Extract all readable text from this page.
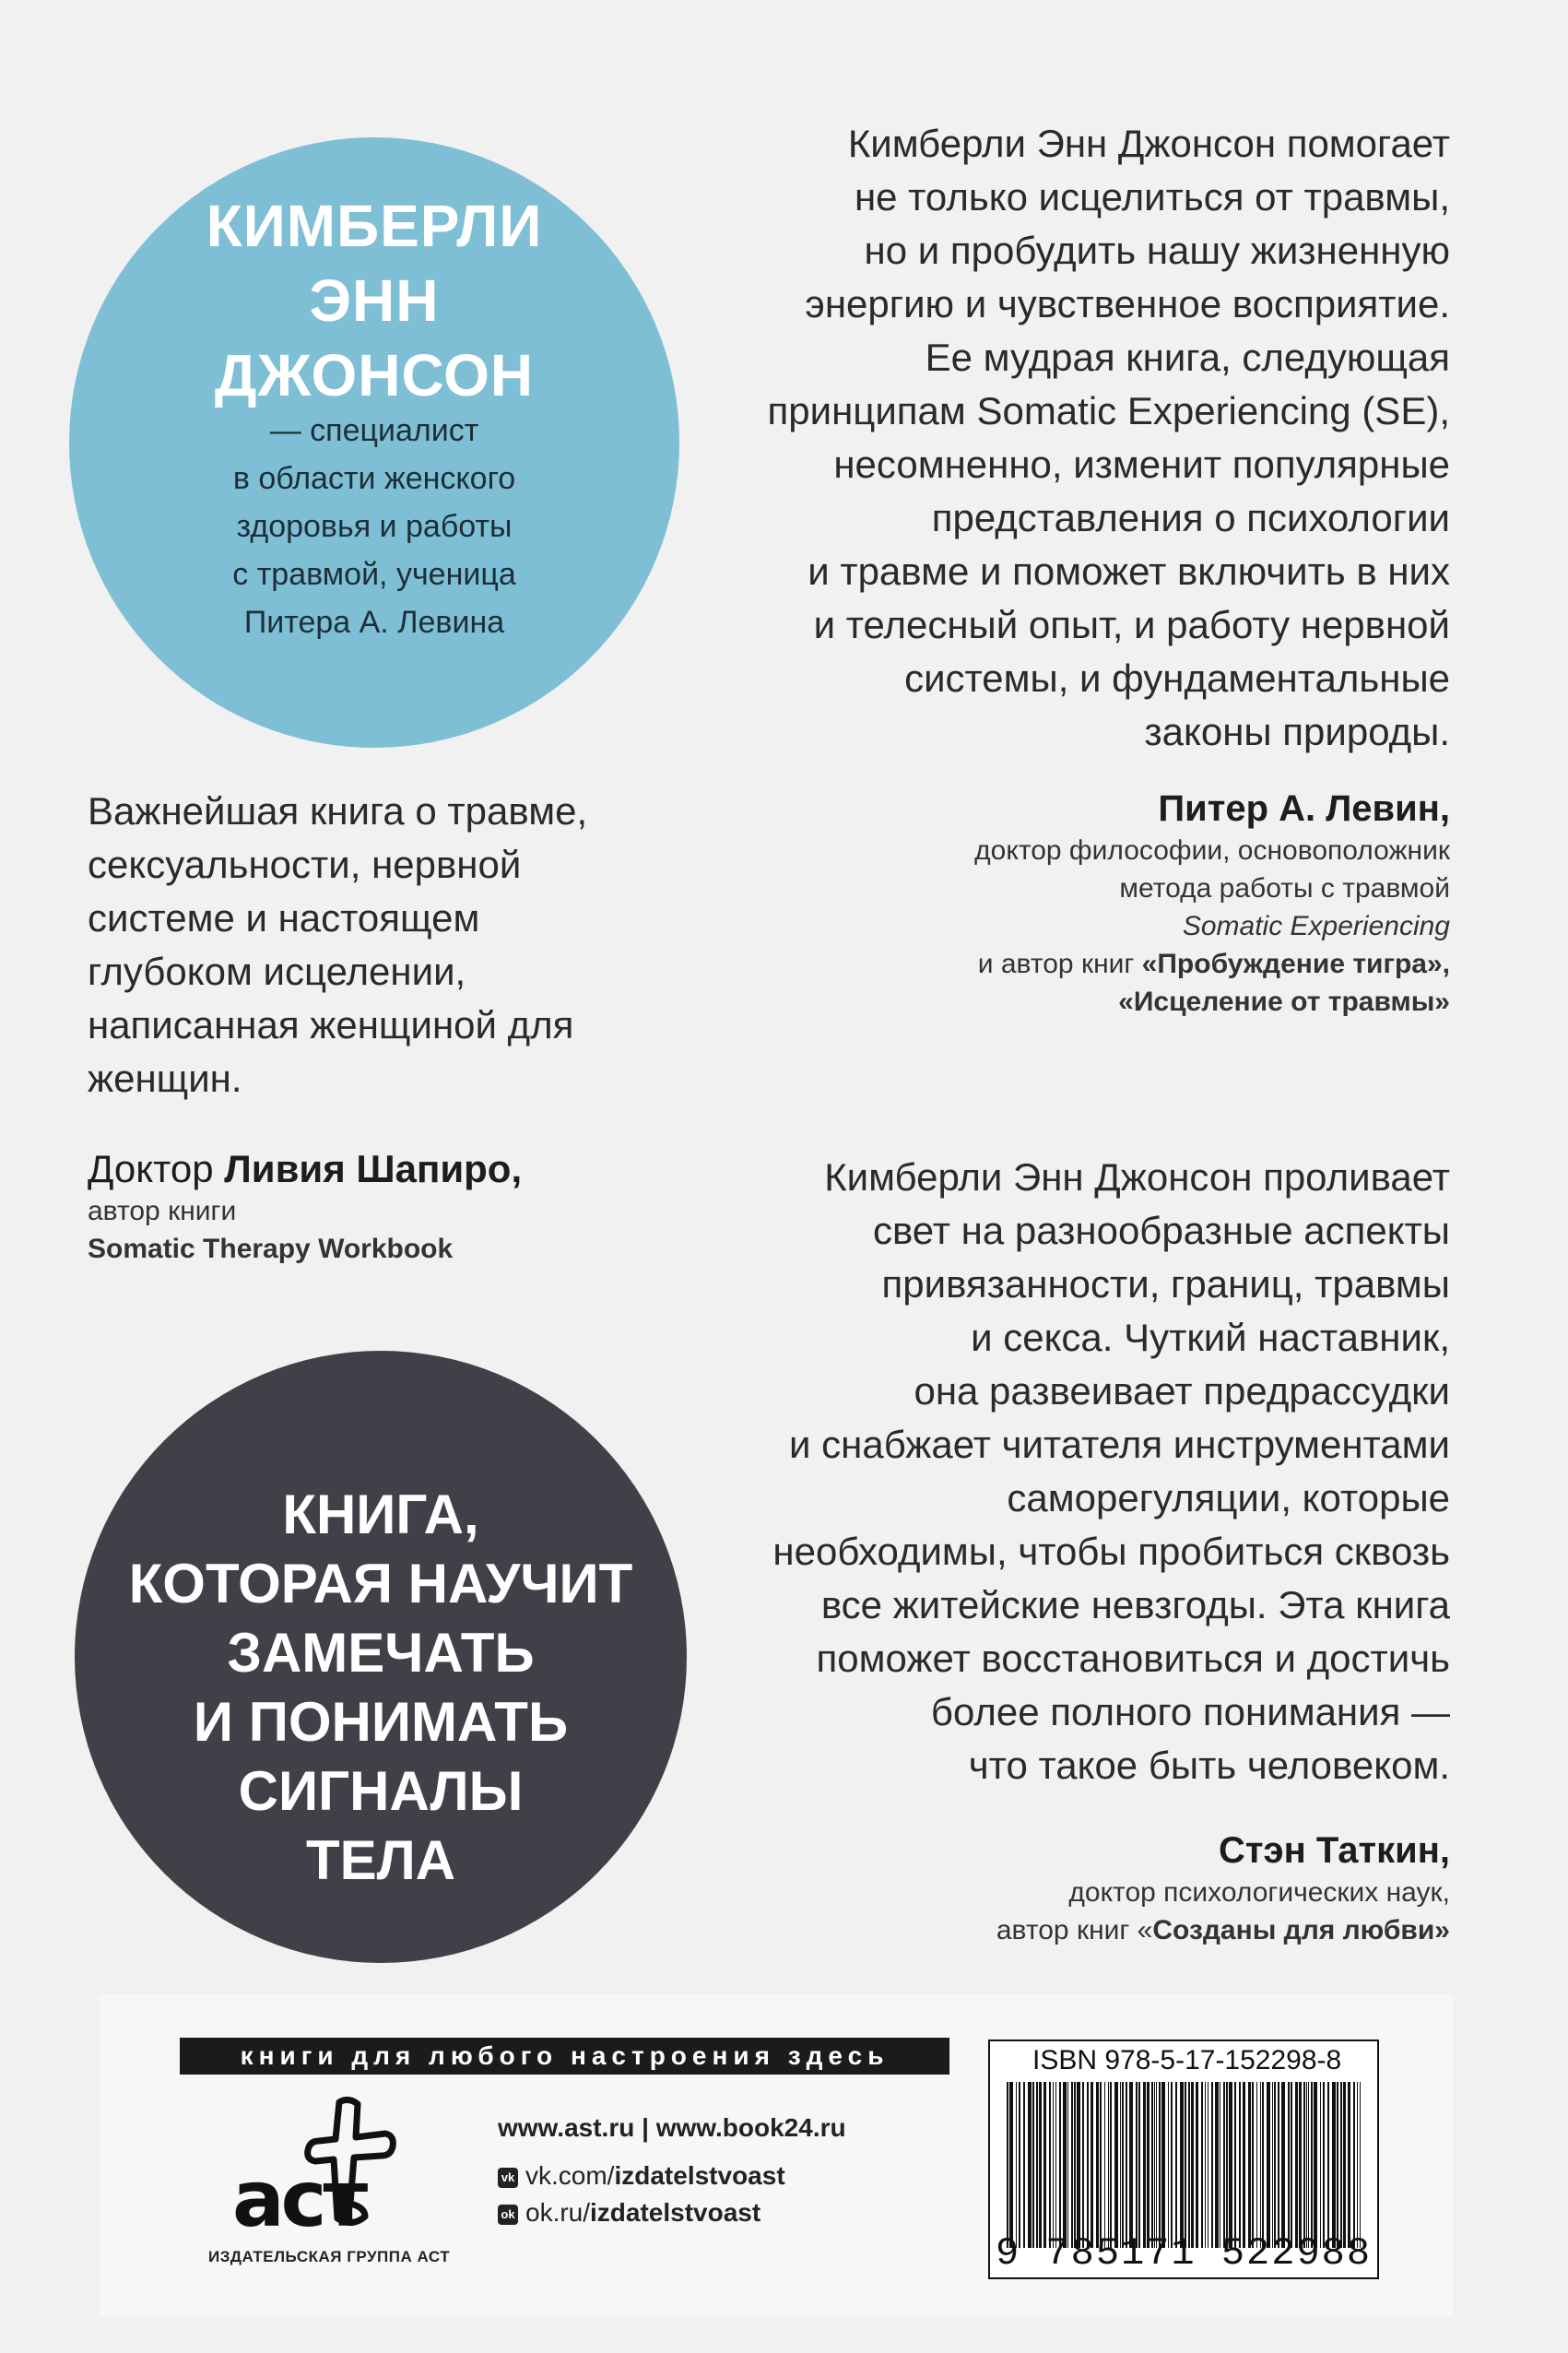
КИМБЕРЛИ
ЭНН
ДЖОНСОН
— специалист
в области женского
здоровья и работы
с травмой, ученица
Питера А. Левина
Кимберли Энн Джонсон помогает
не только исцелиться от травмы,
но и пробудить нашу жизненную
энергию и чувственное восприятие.
Ее мудрая книга, следующая
принципам Somatic Experiencing (SE),
несомненно, изменит популярные
представления о психологии
и травме и поможет включить в них
и телесный опыт, и работу нервной
системы, и фундаментальные
законы природы.
Питер А. Левин,
доктор философии, основоположник
метода работы с травмой
Somatic Experiencing
и автор книг «Пробуждение тигра»,
«Исцеление от травмы»
Важнейшая книга о травме,
сексуальности, нервной
системе и настоящем
глубоком исцелении,
написанная женщиной для
женщин.
Доктор Ливия Шапиро,
автор книги
Somatic Therapy Workbook
КНИГА,
КОТОРАЯ НАУЧИТ
ЗАМЕЧАТЬ
И ПОНИМАТЬ
СИГНАЛЫ
ТЕЛА
Кимберли Энн Джонсон проливает
свет на разнообразные аспекты
привязанности, границ, травмы
и секса. Чуткий наставник,
она развеивает предрассудки
и снабжает читателя инструментами
саморегуляции, которые
необходимы, чтобы пробиться сквозь
все житейские невзгоды. Эта книга
поможет восстановиться и достичь
более полного понимания —
что такое быть человеком.
Стэн Таткин,
доктор психологических наук,
автор книг «Созданы для любви»
книги для любого настроения здесь
аст
ИЗДАТЕЛЬСКАЯ ГРУППА АСТ
www.ast.ru | www.book24.ru
vk vk.com/izdatelstvoast
ok ok.ru/izdatelstvoast
ISBN 978-5-17-152298-8
9 785171 522988
